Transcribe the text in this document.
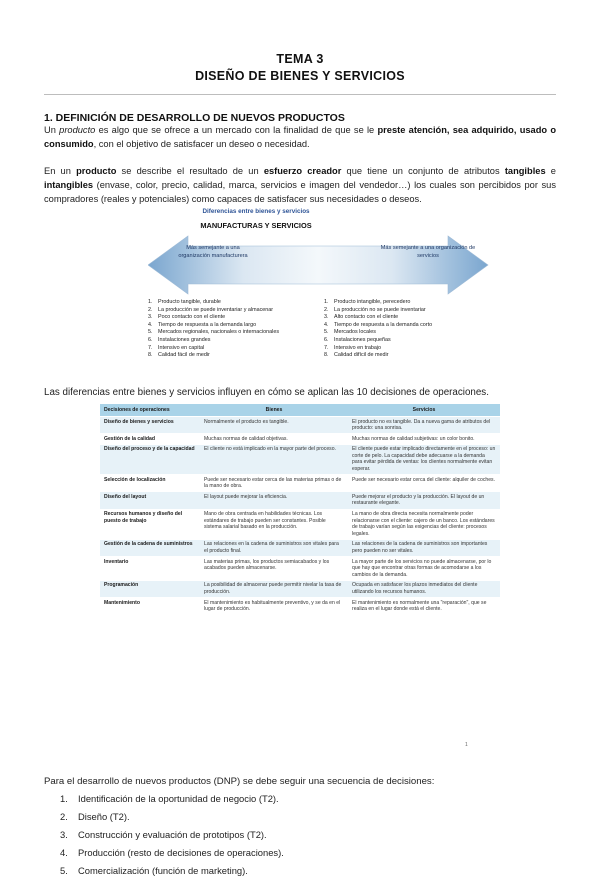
TEMA 3
DISEÑO DE BIENES Y SERVICIOS
1. DEFINICIÓN DE DESARROLLO DE NUEVOS PRODUCTOS
Un producto es algo que se ofrece a un mercado con la finalidad de que se le preste atención, sea adquirido, usado o consumido, con el objetivo de satisfacer un deseo o necesidad.
En un producto se describe el resultado de un esfuerzo creador que tiene un conjunto de atributos tangibles e intangibles (envase, color, precio, calidad, marca, servicios e imagen del vendedor…) los cuales son percibidos por sus compradores (reales y potenciales) como capaces de satisfacer sus necesidades o deseos.
Diferencias entre bienes y servicios
MANUFACTURAS Y SERVICIOS
Más semejante a una organización manufacturera
Más semejante a una organización de servicios
1. Producto tangible, durable
2. La producción se puede inventariar y almacenar
3. Poco contacto con el cliente
4. Tiempo de respuesta a la demanda largo
5. Mercados regionales, nacionales o internacionales
6. Instalaciones grandes
7. Intensivo en capital
8. Calidad fácil de medir
1. Producto intangible, perecedero
2. La producción no se puede inventariar
3. Alto contacto con el cliente
4. Tiempo de respuesta a la demanda corto
5. Mercados locales
6. Instalaciones pequeñas
7. Intensivo en trabajo
8. Calidad difícil de medir
Las diferencias entre bienes y servicios influyen en cómo se aplican las 10 decisiones de operaciones.
Decisiones de operaciones	Bienes	Servicios
Diseño de bienes y servicios	Normalmente el producto es tangible.	El producto no es tangible. Da a nueva gama de atributos del producto: una sonrisa.
Gestión de la calidad	Muchas normas de calidad objetivas.	Muchas normas de calidad subjetivas: un color bonito.
Diseño del proceso y de la capacidad	El cliente no está implicado en la mayor parte del proceso.	El cliente puede estar implicado directamente en el proceso: un corte de pelo. La capacidad debe adecuarse a la demanda para evitar pérdida de ventas: los clientes normalmente evitan esperar.
Selección de localización	Puede ser necesario estar cerca de las materias primas o de la mano de obra.	Puede ser necesario estar cerca del cliente: alquiler de coches.
Diseño del layout	El layout puede mejorar la eficiencia.	Puede mejorar el producto y la producción. El layout de un restaurante elegante.
Recursos humanos y diseño del puesto de trabajo	Mano de obra centrada en habilidades técnicas. Los estándares de trabajo pueden ser constantes. Posible sistema salarial basado en la producción.	La mano de obra directa necesita normalmente poder relacionarse con el cliente: cajero de un banco. Los estándares de trabajo varían según las exigencias del cliente: procesos legales.
Gestión de la cadena de suministros	Las relaciones en la cadena de suministros son vitales para el producto final.	Las relaciones de la cadena de suministros son importantes pero pueden no ser vitales.
Inventario	Las materias primas, los productos semiacabados y los acabados pueden almacenarse.	La mayor parte de los servicios no puede almacenarse, por lo que hay que encontrar otras formas de acomodarse a los cambios de la demanda.
Programación	La posibilidad de almacenar puede permitir nivelar la tasa de producción.	Ocupada en satisfacer los plazos inmediatos del cliente utilizando los recursos humanos.
Mantenimiento	El mantenimiento es habitualmente preventivo, y se da en el lugar de producción.	El mantenimiento es normalmente una "reparación", que se realiza en el lugar donde está el cliente.
1
Para el desarrollo de nuevos productos (DNP) se debe seguir una secuencia de decisiones:
1. Identificación de la oportunidad de negocio (T2).
2. Diseño (T2).
3. Construcción y evaluación de prototipos (T2).
4. Producción (resto de decisiones de operaciones).
5. Comercialización (función de marketing).
